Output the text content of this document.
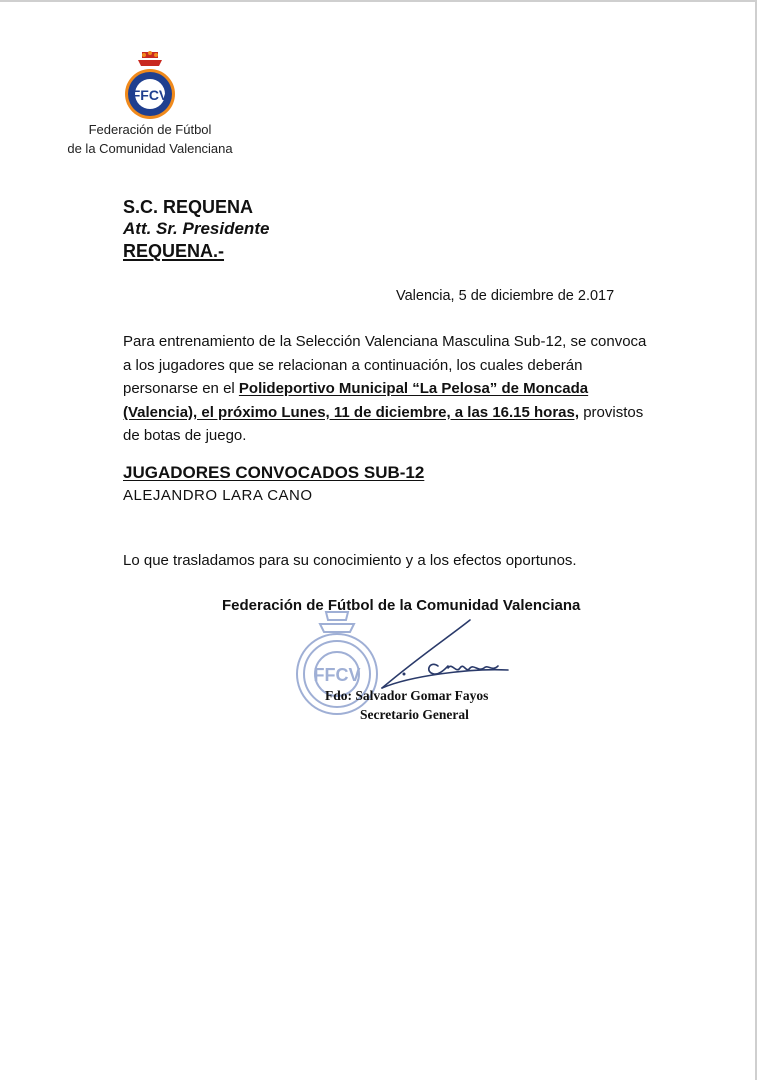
FFCV
Federación de Fútbol
de la Comunidad Valenciana
S.C. REQUENA
Att. Sr. Presidente
REQUENA.-
Valencia, 5 de diciembre de 2.017
Para entrenamiento de la Selección Valenciana Masculina Sub-12, se convoca a los jugadores que se relacionan a continuación, los cuales deberán personarse en el Polideportivo Municipal “La Pelosa” de Moncada (Valencia), el próximo Lunes, 11 de diciembre, a las 16.15 horas, provistos de botas de juego.
JUGADORES CONVOCADOS SUB-12
ALEJANDRO LARA CANO
Lo que trasladamos para su conocimiento y a los efectos oportunos.
Federación de Fútbol de la Comunidad Valenciana
FFCV
Fdo: Salvador Gomar Fayos
Secretario General
